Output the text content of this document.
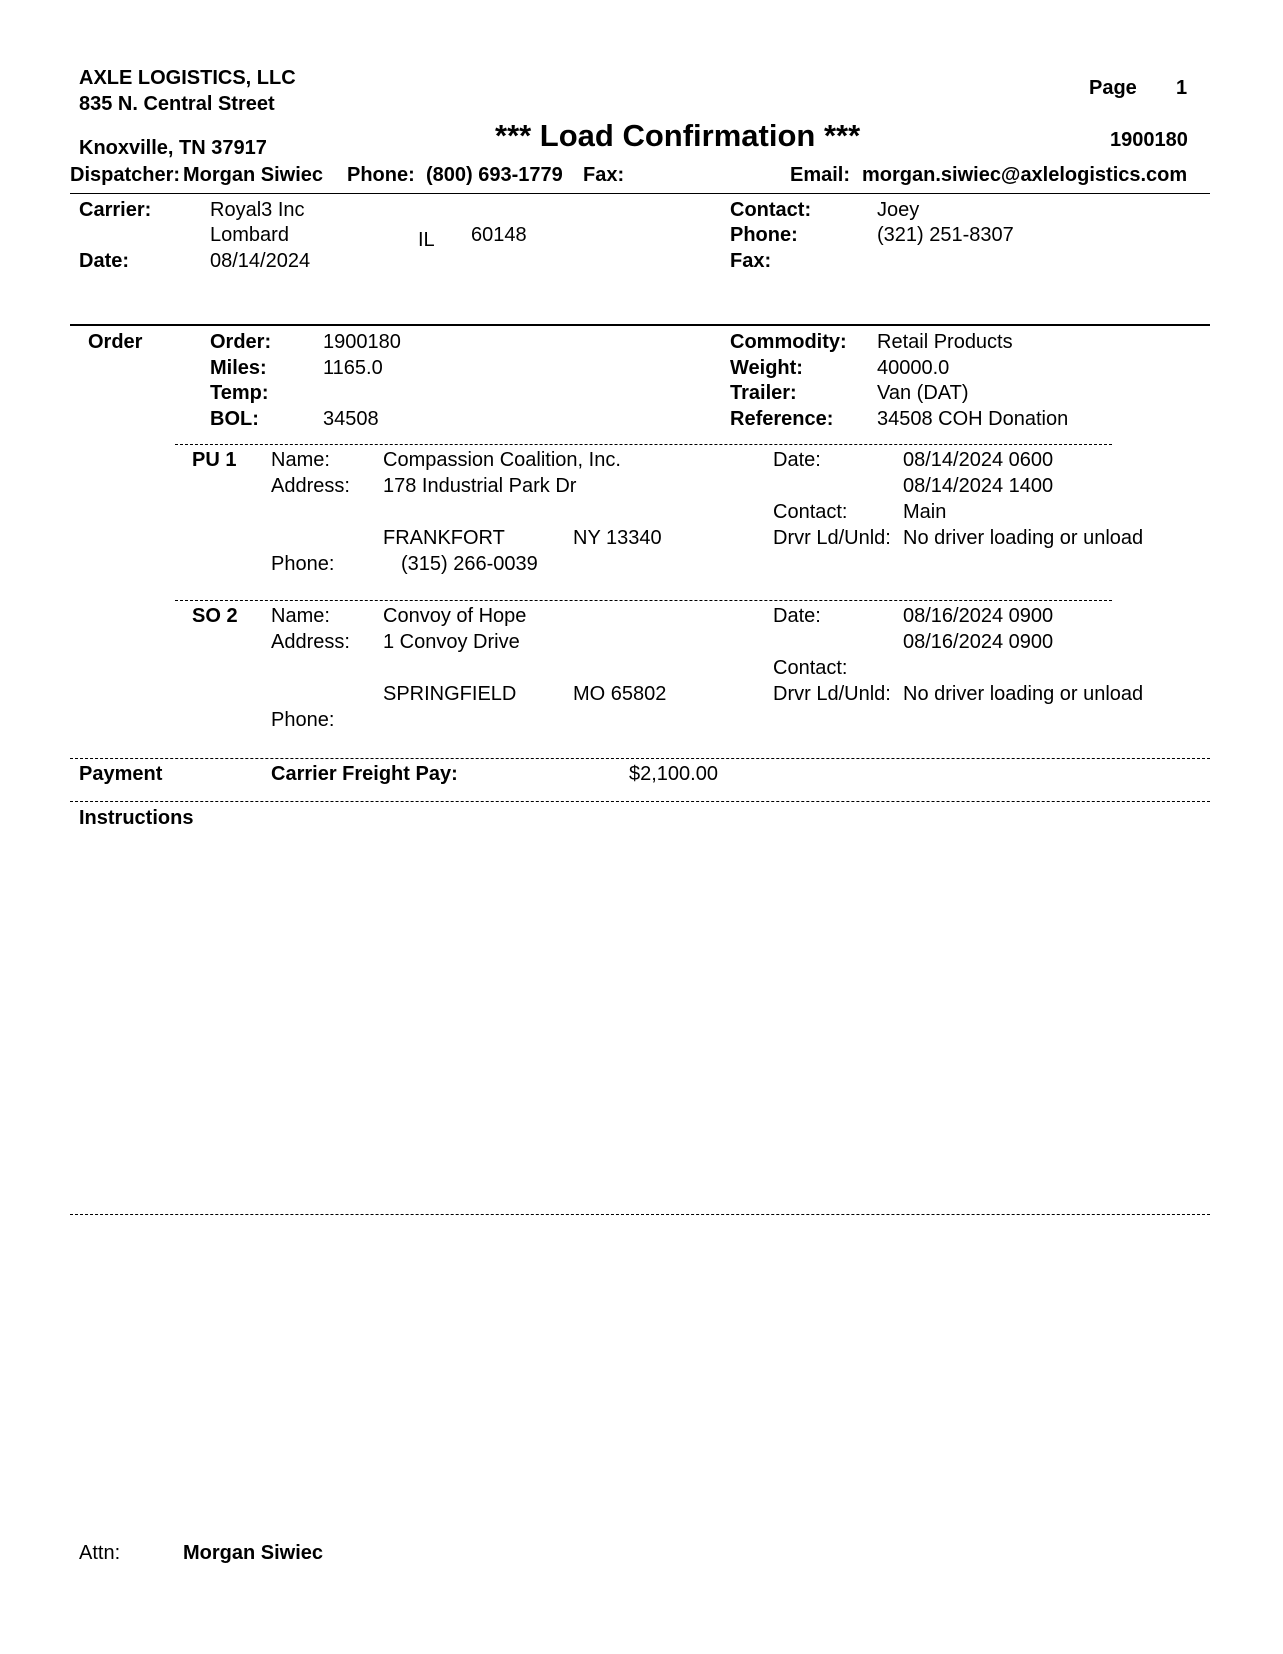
AXLE LOGISTICS, LLC
835 N. Central Street
Knoxville, TN 37917
Page 1
*** Load Confirmation ***	1900180
Dispatcher: Morgan Siwiec Phone: (800) 693-1779 Fax:	Email: morgan.siwiec@axlelogistics.com
Carrier:	Royal3 Inc
Lombard	IL 60148
Date:	08/14/2024
Contact:	Joey
Phone:	(321) 251-8307
Fax:
Order	Order:	1900180
Miles:	1165.0
Temp:
BOL:	34508
Commodity: Retail Products
Weight:	40000.0
Trailer:	Van (DAT)
Reference: 34508 COH Donation
PU 1 Name:	Compassion Coalition, Inc.
Address: 178 Industrial Park Dr
FRANKFORT	NY 13340
Phone:	(315) 266-0039
Date:	08/14/2024 0600
08/14/2024 1400
Contact:	Main
Drvr Ld/Unld: No driver loading or unload
SO 2 Name:	Convoy of Hope
Address: 1 Convoy Drive
SPRINGFIELD	MO 65802
Phone:
Date:	08/16/2024 0900
08/16/2024 0900
Contact:
Drvr Ld/Unld: No driver loading or unload
Payment	Carrier Freight Pay:	$2,100.00
Instructions
Attn:	Morgan Siwiec
